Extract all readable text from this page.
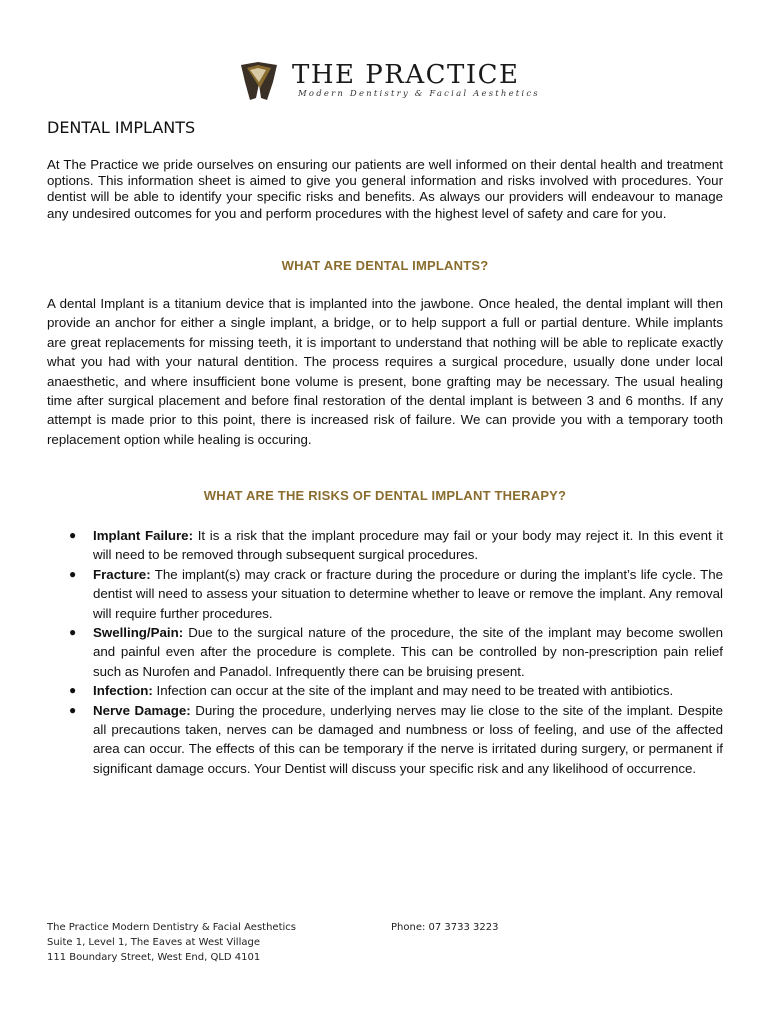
THE PRACTICE
Modern Dentistry & Facial Aesthetics
DENTAL IMPLANTS

At The Practice we pride ourselves on ensuring our patients are well informed on their dental health and treatment options. This information sheet is aimed to give you general information and risks involved with procedures. Your dentist will be able to identify your specific risks and benefits. As always our providers will endeavour to manage any undesired outcomes for you and perform procedures with the highest level of safety and care for you.

WHAT ARE DENTAL IMPLANTS?

A dental Implant is a titanium device that is implanted into the jawbone. Once healed, the dental implant will then provide an anchor for either a single implant, a bridge, or to help support a full or partial denture. While implants are great replacements for missing teeth, it is important to understand that nothing will be able to replicate exactly what you had with your natural dentition. The process requires a surgical procedure, usually done under local anaesthetic, and where insufficient bone volume is present, bone grafting may be necessary. The usual healing time after surgical placement and before final restoration of the dental implant is between 3 and 6 months. If any attempt is made prior to this point, there is increased risk of failure. We can provide you with a temporary tooth replacement option while healing is occuring.

WHAT ARE THE RISKS OF DENTAL IMPLANT THERAPY?
● Implant Failure: It is a risk that the implant procedure may fail or your body may reject it. In this event it will need to be removed through subsequent surgical procedures.
● Fracture: The implant(s) may crack or fracture during the procedure or during the implant’s life cycle. The dentist will need to assess your situation to determine whether to leave or remove the implant. Any removal will require further procedures.
● Swelling/Pain: Due to the surgical nature of the procedure, the site of the implant may become swollen and painful even after the procedure is complete. This can be controlled by non-prescription pain relief such as Nurofen and Panadol. Infrequently there can be bruising present.
● Infection: Infection can occur at the site of the implant and may need to be treated with antibiotics.
● Nerve Damage: During the procedure, underlying nerves may lie close to the site of the implant. Despite all precautions taken, nerves can be damaged and numbness or loss of feeling, and use of the affected area can occur. The effects of this can be temporary if the nerve is irritated during surgery, or permanent if significant damage occurs. Your Dentist will discuss your specific risk and any likelihood of occurrence.
The Practice Modern Dentistry & Facial Aesthetics
Suite 1, Level 1, The Eaves at West Village
111 Boundary Street, West End, QLD 4101
Phone: 07 3733 3223
